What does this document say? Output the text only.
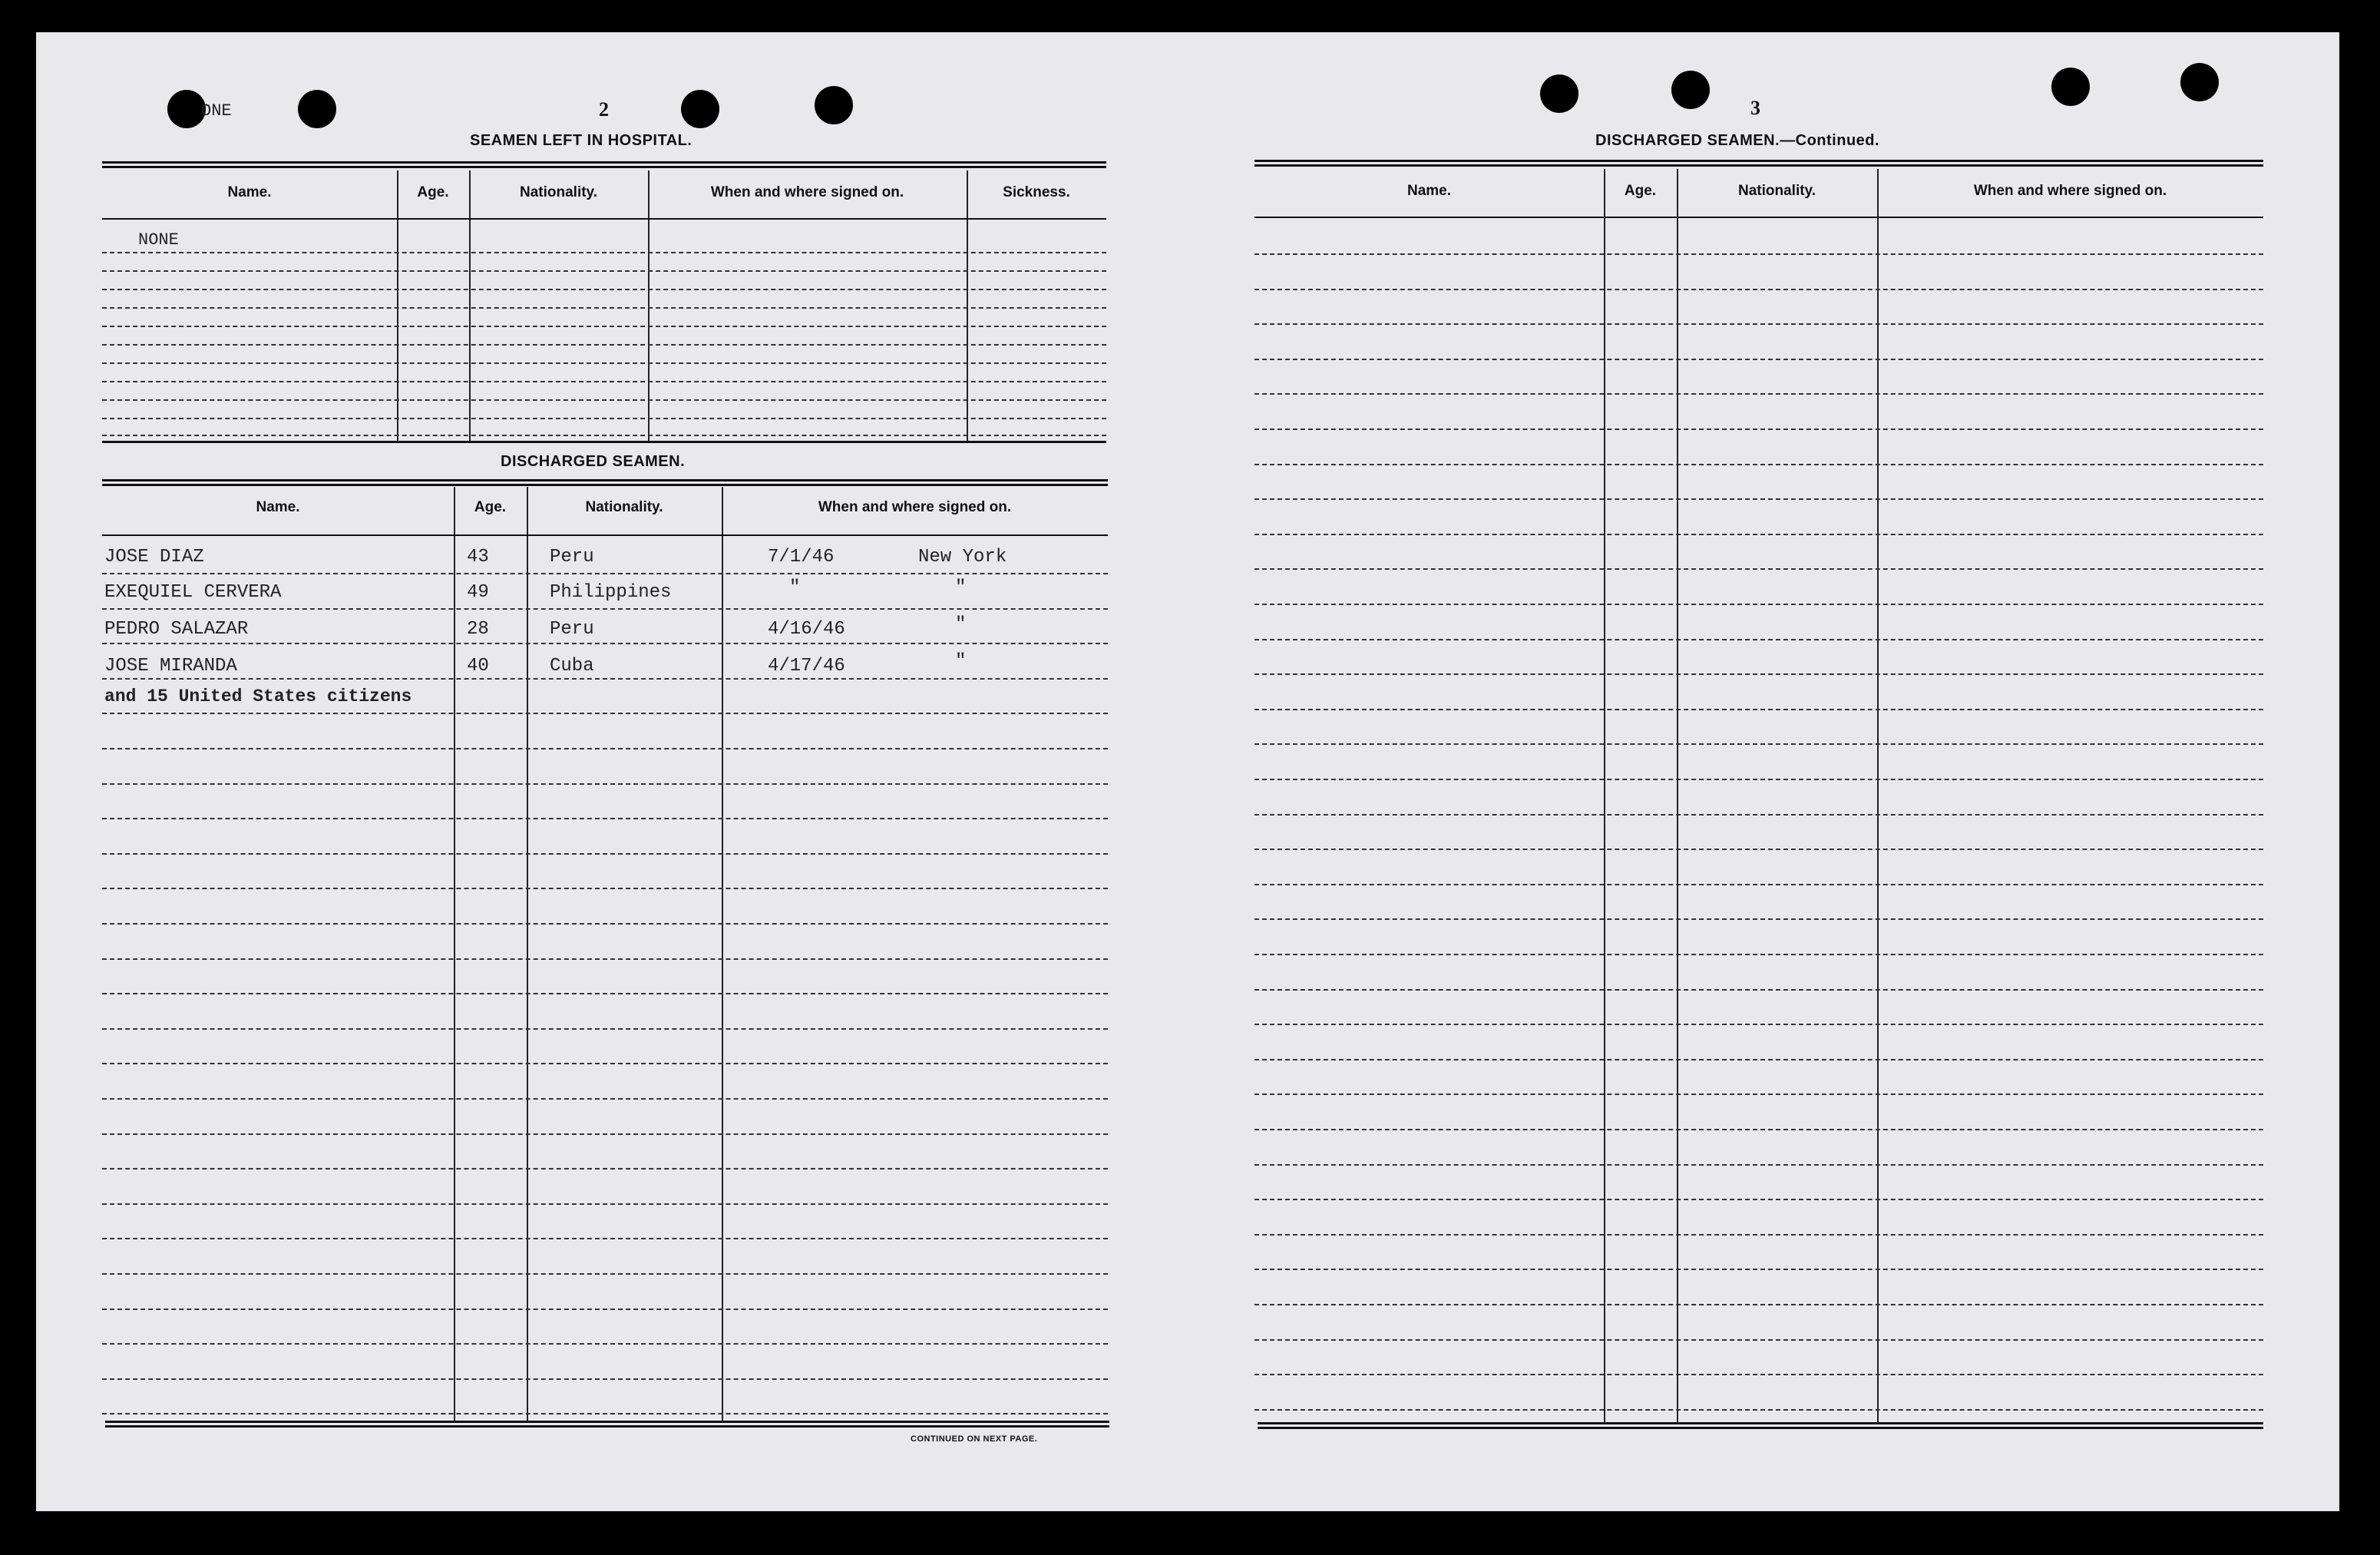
ONE	2
SEAMEN LEFT IN HOSPITAL.
Name.	Age.	Nationality.	When and where signed on.	Sickness.
NONE
DISCHARGED SEAMEN.
Name.	Age.	Nationality.	When and where signed on.
JOSE DIAZ	43	Peru	7/1/46	New York
EXEQUIEL CERVERA	49	Philippines	"	"
PEDRO SALAZAR	28	Peru	4/16/46	"
JOSE MIRANDA	40	Cuba	4/17/46	"
and 15 United States citizens
CONTINUED ON NEXT PAGE.
3
DISCHARGED SEAMEN.—Continued.
Name.	Age.	Nationality.	When and where signed on.
